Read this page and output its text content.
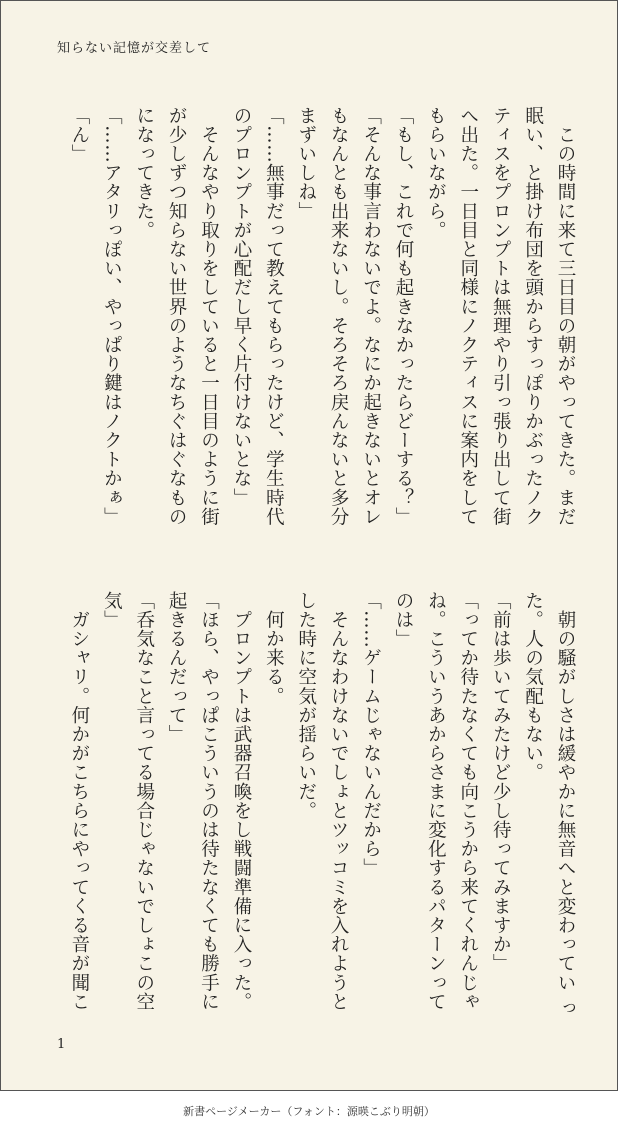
知らない記憶が交差して

　この時間に来て三日目の朝がやってきた。まだ

眠い、と掛け布団を頭からすっぽりかぶったノク

ティスをプロンプトは無理やり引っ張り出して街

へ出た。一日目と同様にノクティスに案内をして

もらいながら。

「もし、これで何も起きなかったらどーする？」

「そんな事言わないでよ。なにか起きないとオレ

もなんとも出来ないし。そろそろ戻んないと多分

まずいしね」

「……無事だって教えてもらったけど、学生時代

のプロンプトが心配だし早く片付けないとな」

　そんなやり取りをしていると一日目のように街

が少しずつ知らない世界のようなちぐはぐなもの

になってきた。

「……アタリっぽい、やっぱり鍵はノクトかぁ」

「ん」

　朝の騒がしさは緩やかに無音へと変わってい っ

た。人の気配もない。

「前は歩いてみたけど少し待ってみますか」

「ってか待たなくても向こうから来てくれんじゃ

ね。こういうあからさまに変化するパターンって

のは」

「……ゲームじゃないんだから」

　そんなわけないでしょとツッコミを入れようと

した時に空気が揺らいだ。

　何か来る。

　プロンプトは武器召喚をし戦闘準備に入った。

「ほら、やっぱこういうのは待たなくても勝手に

起きるんだって」

「呑気なこと言ってる場合じゃないでしょこの空

気」

　ガシャリ。何かがこちらにやってくる音が聞こ

1
新書ページメーカー（フォント：源暎こぶり明朝）
